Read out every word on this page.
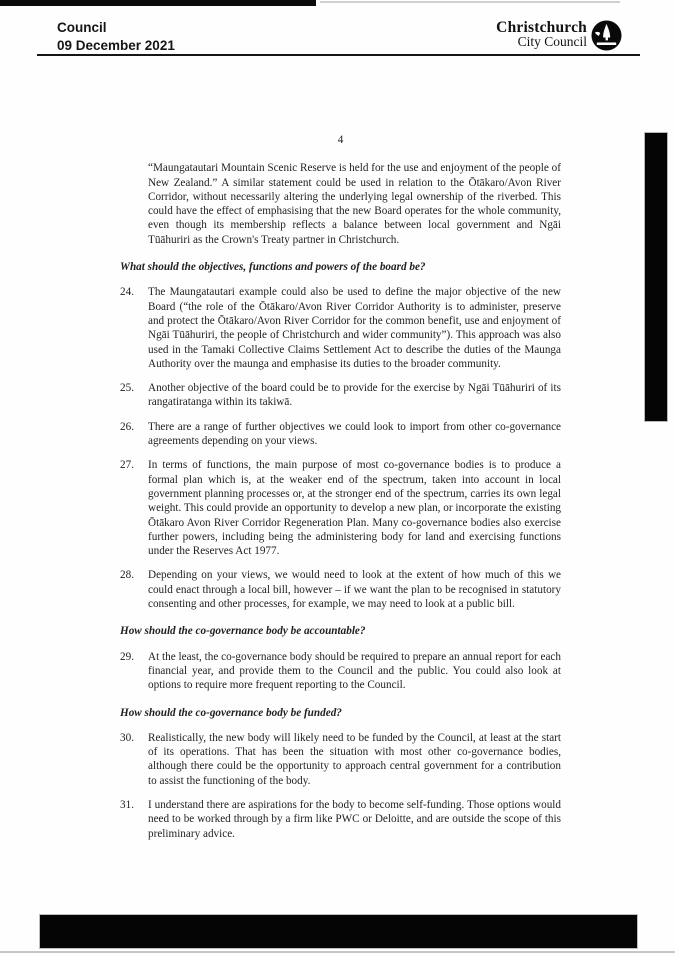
Council
09 December 2021
Christchurch
City Council
4
“Maungatautari Mountain Scenic Reserve is held for the use and enjoyment of the people of New Zealand.” A similar statement could be used in relation to the Ōtākaro/Avon River Corridor, without necessarily altering the underlying legal ownership of the riverbed. This could have the effect of emphasising that the new Board operates for the whole community, even though its membership reflects a balance between local government and Ngāi Tūāhuriri as the Crown's Treaty partner in Christchurch.
What should the objectives, functions and powers of the board be?
24.	The Maungatautari example could also be used to define the major objective of the new Board (“the role of the Ōtākaro/Avon River Corridor Authority is to administer, preserve and protect the Ōtākaro/Avon River Corridor for the common benefit, use and enjoyment of Ngāi Tūāhuriri, the people of Christchurch and wider community”). This approach was also used in the Tamaki Collective Claims Settlement Act to describe the duties of the Maunga Authority over the maunga and emphasise its duties to the broader community.
25.	Another objective of the board could be to provide for the exercise by Ngāi Tūāhuriri of its rangatiratanga within its takiwā.
26.	There are a range of further objectives we could look to import from other co-governance agreements depending on your views.
27.	In terms of functions, the main purpose of most co-governance bodies is to produce a formal plan which is, at the weaker end of the spectrum, taken into account in local government planning processes or, at the stronger end of the spectrum, carries its own legal weight. This could provide an opportunity to develop a new plan, or incorporate the existing Ōtākaro Avon River Corridor Regeneration Plan. Many co-governance bodies also exercise further powers, including being the administering body for land and exercising functions under the Reserves Act 1977.
28.	Depending on your views, we would need to look at the extent of how much of this we could enact through a local bill, however – if we want the plan to be recognised in statutory consenting and other processes, for example, we may need to look at a public bill.
How should the co-governance body be accountable?
29.	At the least, the co-governance body should be required to prepare an annual report for each financial year, and provide them to the Council and the public. You could also look at options to require more frequent reporting to the Council.
How should the co-governance body be funded?
30.	Realistically, the new body will likely need to be funded by the Council, at least at the start of its operations. That has been the situation with most other co-governance bodies, although there could be the opportunity to approach central government for a contribution to assist the functioning of the body.
31.	I understand there are aspirations for the body to become self-funding. Those options would need to be worked through by a firm like PWC or Deloitte, and are outside the scope of this preliminary advice.
